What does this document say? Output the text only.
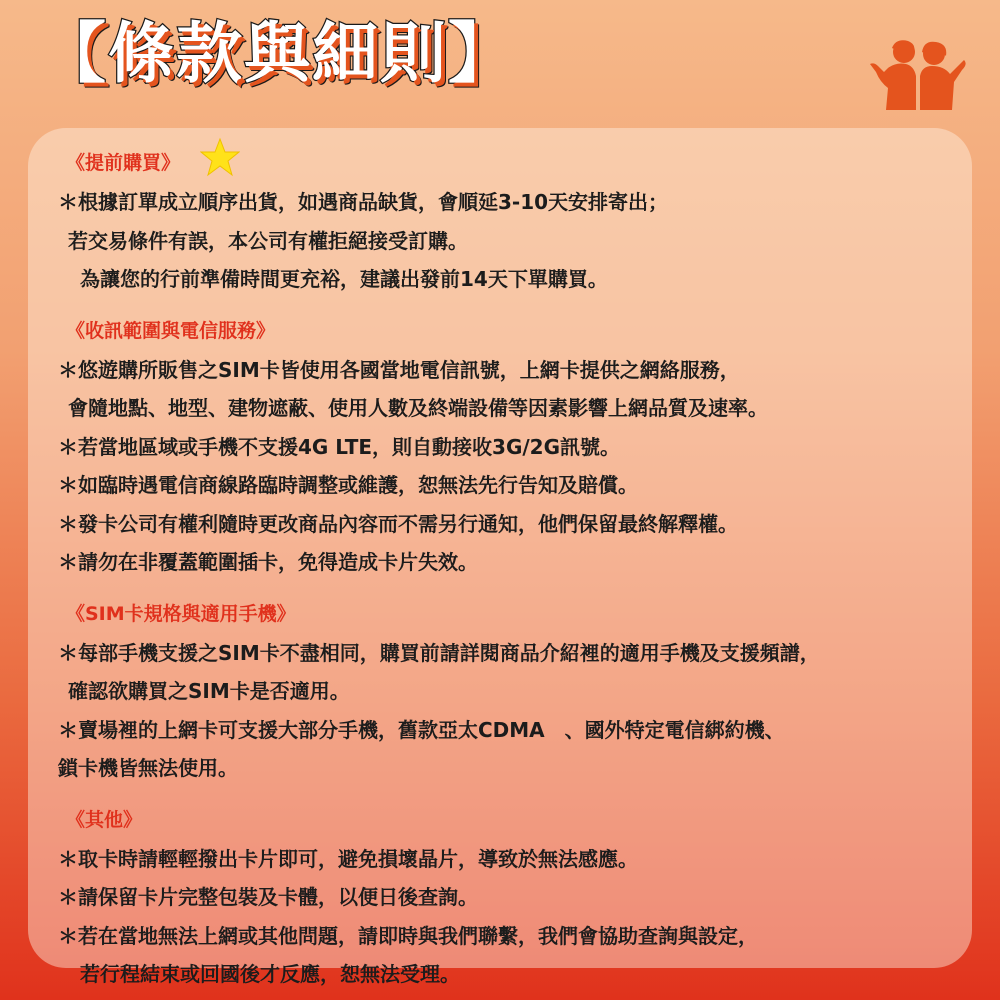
【條款與細則】
《提前購買》

＊根據訂單成立順序出貨，如遇商品缺貨，會順延3-10天安排寄出；

若交易條件有誤，本公司有權拒絕接受訂購。

為讓您的行前準備時間更充裕，建議出發前14天下單購買。

《收訊範圍與電信服務》

＊悠遊購所販售之SIM卡皆使用各國當地電信訊號，上網卡提供之網絡服務，

會隨地點、地型、建物遮蔽、使用人數及終端設備等因素影響上網品質及速率。

＊若當地區域或手機不支援4G LTE，則自動接收3G/2G訊號。

＊如臨時遇電信商線路臨時調整或維護，恕無法先行告知及賠償。

＊發卡公司有權利隨時更改商品內容而不需另行通知，他們保留最終解釋權。

＊請勿在非覆蓋範圍插卡，免得造成卡片失效。

《SIM卡規格與適用手機》

＊每部手機支援之SIM卡不盡相同，購買前請詳閱商品介紹裡的適用手機及支援頻譜，

確認欲購買之SIM卡是否適用。

＊賣場裡的上網卡可支援大部分手機，舊款亞太CDMA　、國外特定電信綁約機、

鎖卡機皆無法使用。

《其他》

＊取卡時請輕輕撥出卡片即可，避免損壞晶片，導致於無法感應。

＊請保留卡片完整包裝及卡體，以便日後查詢。

＊若在當地無法上網或其他問題，請即時與我們聯繫，我們會協助查詢與設定，

若行程結束或回國後才反應，恕無法受理。
